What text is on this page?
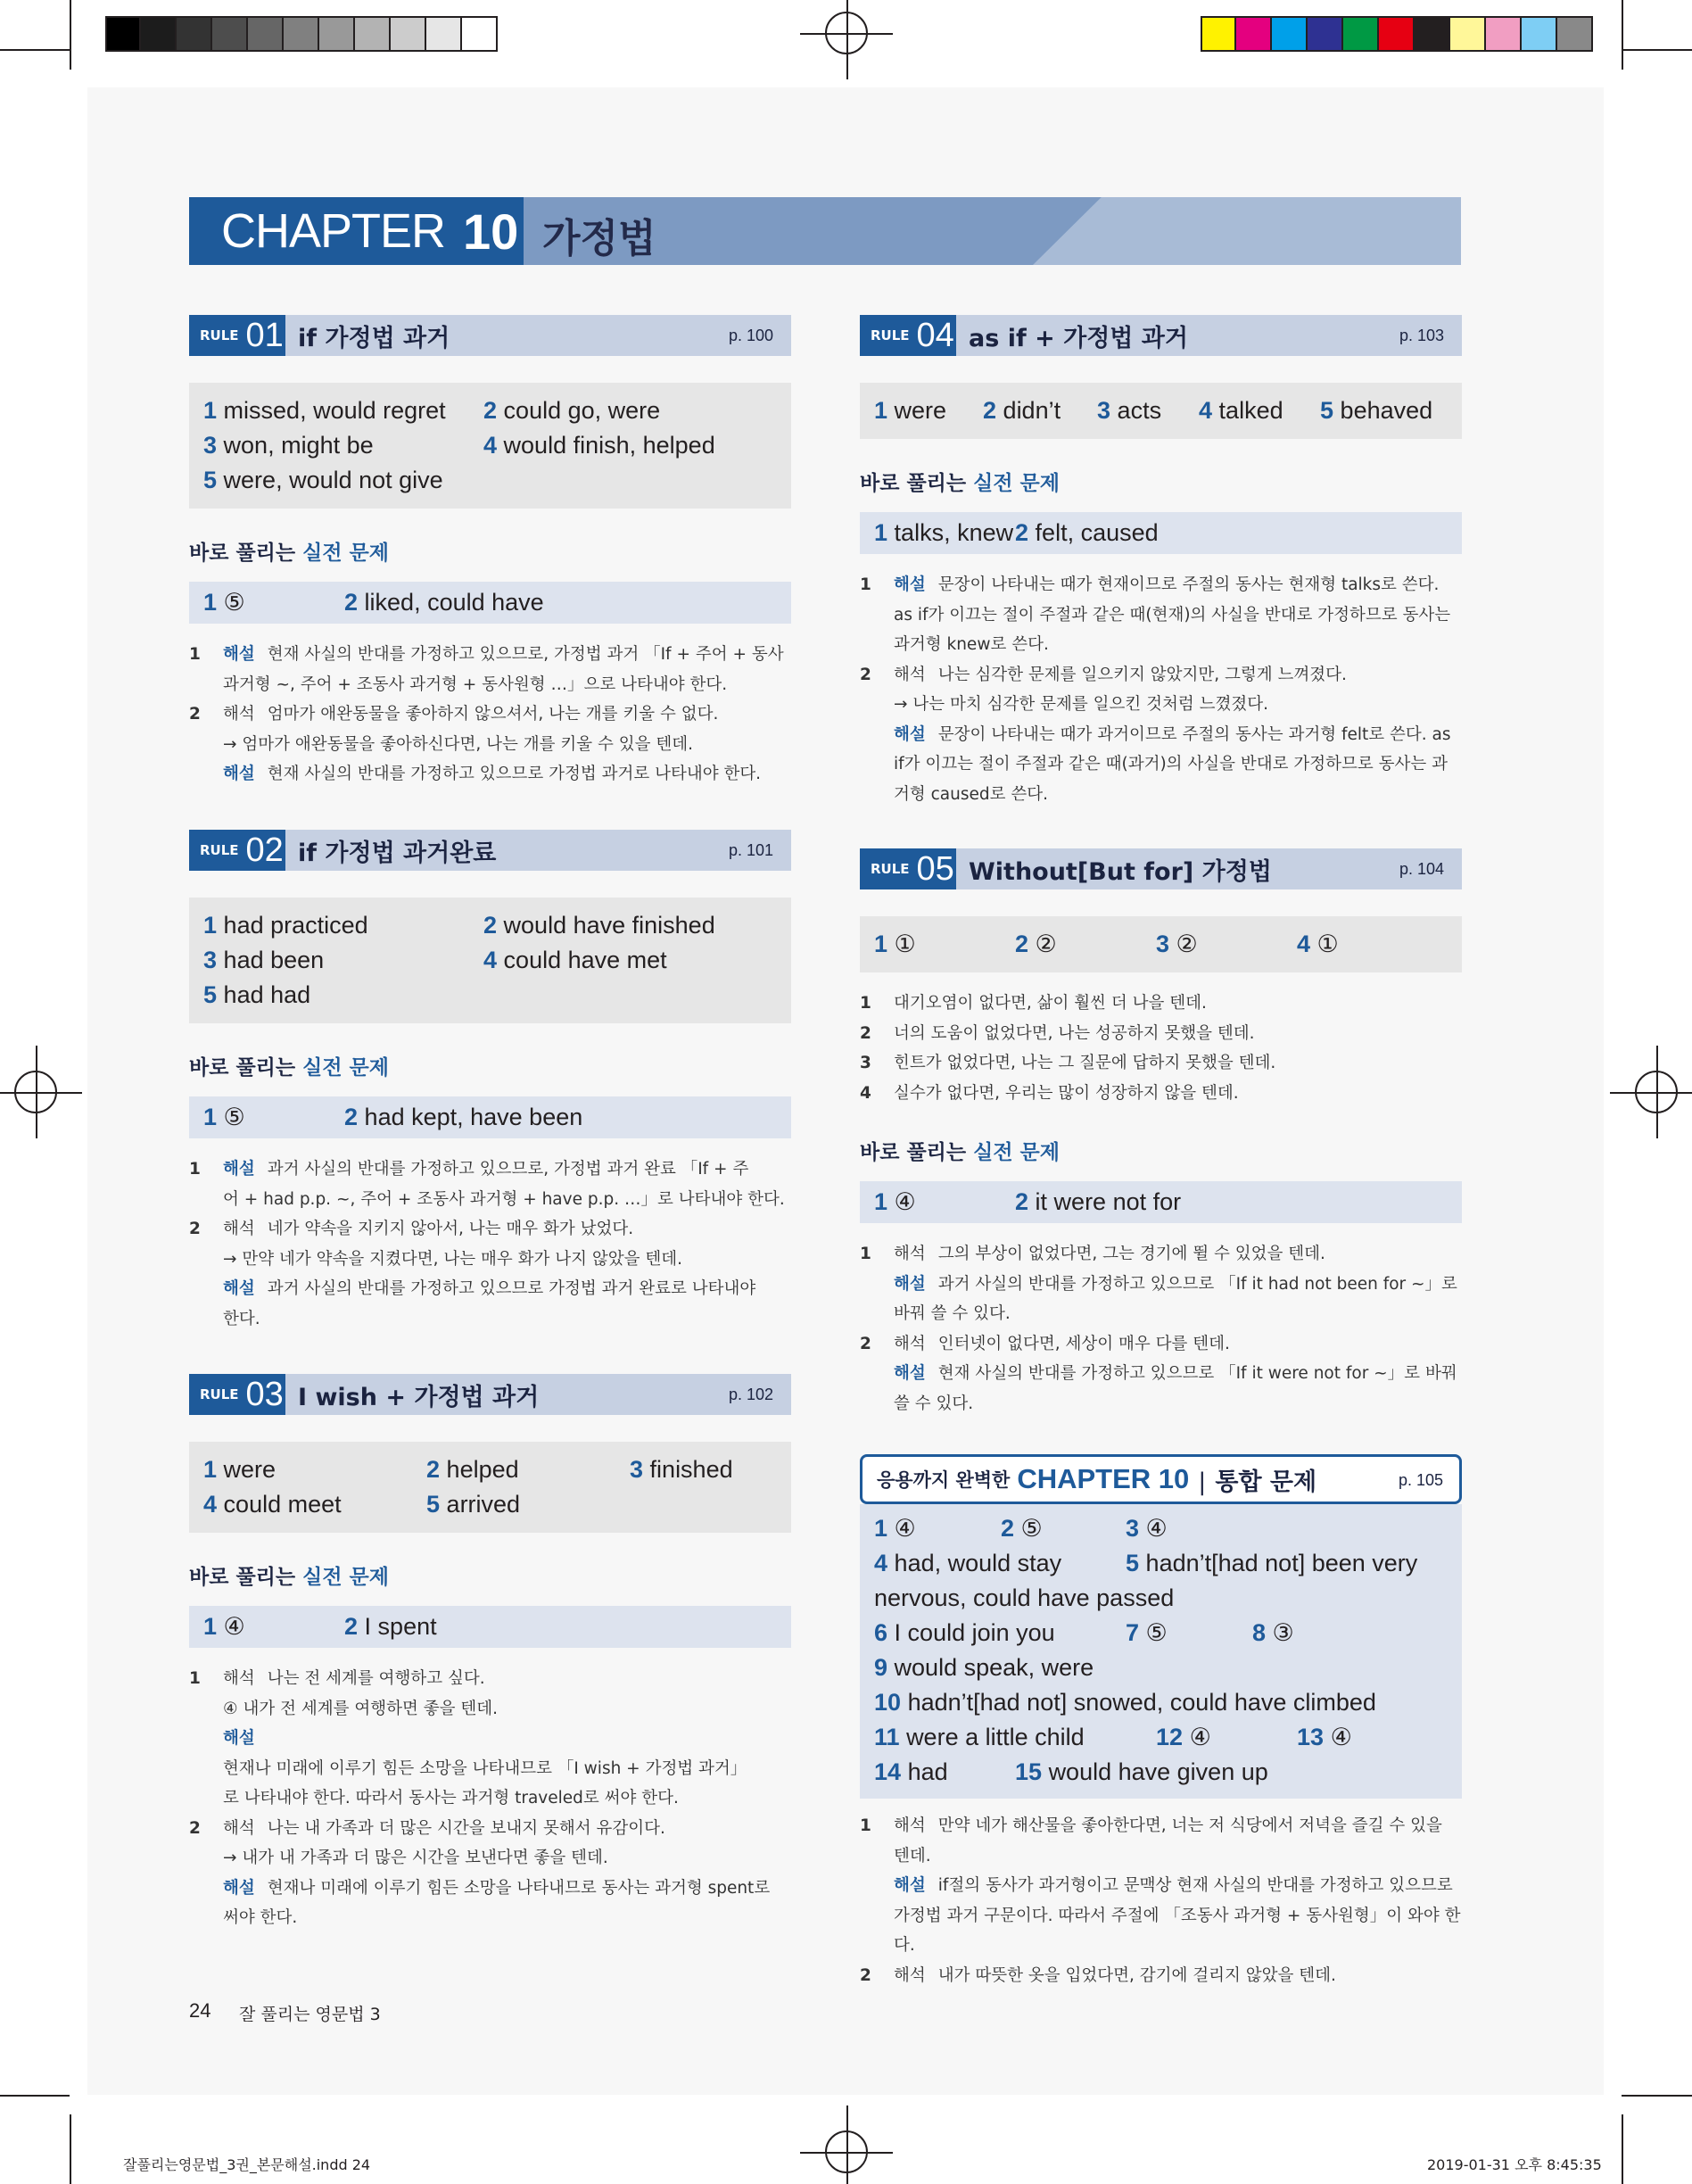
CHAPTER 10 가정법
RULE 01 if 가정법 과거	p. 100
1 missed, would regret 2 could go, were
3 won, might be	4 would finish, helped
5 were, would not give
바로 풀리는 실전 문제
1 ⑤	2 liked, could have
1 해설 현재 사실의 반대를 가정하고 있으므로, 가정법 과거 「If + 주어 + 동사
과거형 ~, 주어 + 조동사 과거형 + 동사원형 …」으로 나타내야 한다.
2 해석 엄마가 애완동물을 좋아하지 않으셔서, 나는 개를 키울 수 없다.
→ 엄마가 애완동물을 좋아하신다면, 나는 개를 키울 수 있을 텐데.
해설 현재 사실의 반대를 가정하고 있으므로 가정법 과거로 나타내야 한다.
RULE 02 if 가정법 과거완료	p. 101
1 had practiced	2 would have finished
3 had been	4 could have met
5 had had
바로 풀리는 실전 문제
1 ⑤	2 had kept, have been
1 해설 과거 사실의 반대를 가정하고 있으므로, 가정법 과거 완료 「If + 주
어 + had p.p. ~, 주어 + 조동사 과거형 + have p.p. …」로 나타내야 한다.
2 해석 네가 약속을 지키지 않아서, 나는 매우 화가 났었다.
→ 만약 네가 약속을 지켰다면, 나는 매우 화가 나지 않았을 텐데.
해설 과거 사실의 반대를 가정하고 있으므로 가정법 과거 완료로 나타내야
한다.
RULE 03 I wish + 가정법 과거	p. 102
1 were	2 helped	3 finished
4 could meet	5 arrived
바로 풀리는 실전 문제
1 ④	2 I spent
1 해석 나는 전 세계를 여행하고 싶다.
④ 내가 전 세계를 여행하면 좋을 텐데.
해설현재나 미래에 이루기 힘든 소망을 나타내므로 「I wish + 가정법 과거」
로 나타내야 한다. 따라서 동사는 과거형 traveled로 써야 한다.
2 해석 나는 내 가족과 더 많은 시간을 보내지 못해서 유감이다.
→ 내가 내 가족과 더 많은 시간을 보낸다면 좋을 텐데.
해설 현재나 미래에 이루기 힘든 소망을 나타내므로 동사는 과거형 spent로
써야 한다.
RULE 04 as if + 가정법 과거	p. 103
1 were 2 didn’t 3 acts 4 talked 5 behaved
바로 풀리는 실전 문제
1 talks, knew 2 felt, caused
1 해설 문장이 나타내는 때가 현재이므로 주절의 동사는 현재형 talks로 쓴다.
as if가 이끄는 절이 주절과 같은 때(현재)의 사실을 반대로 가정하므로 동사는
과거형 knew로 쓴다.
2 해석 나는 심각한 문제를 일으키지 않았지만, 그렇게 느껴졌다.
→ 나는 마치 심각한 문제를 일으킨 것처럼 느꼈졌다.
해설 문장이 나타내는 때가 과거이므로 주절의 동사는 과거형 felt로 쓴다. as
if가 이끄는 절이 주절과 같은 때(과거)의 사실을 반대로 가정하므로 동사는 과
거형 caused로 쓴다.
RULE 05 Without[But for] 가정법	p. 104
1 ①	2 ②	3 ②	4 ①
1 대기오염이 없다면, 삶이 훨씬 더 나을 텐데.
2 너의 도움이 없었다면, 나는 성공하지 못했을 텐데.
3 힌트가 없었다면, 나는 그 질문에 답하지 못했을 텐데.
4 실수가 없다면, 우리는 많이 성장하지 않을 텐데.
바로 풀리는 실전 문제
1 ④	2 it were not for
1 해석 그의 부상이 없었다면, 그는 경기에 뛸 수 있었을 텐데.
해설 과거 사실의 반대를 가정하고 있으므로 「If it had not been for ~」로
바꿔 쓸 수 있다.
2 해석 인터넷이 없다면, 세상이 매우 다를 텐데.
해설 현재 사실의 반대를 가정하고 있으므로 「If it were not for ~」로 바꿔
쓸 수 있다.
응용까지 완벽한 CHAPTER 10
|	통합 문제	p. 105
1 ④	2 ⑤	3 ④
4 had, would stay	5 hadn’t[had not] been very
nervous, could have passed
6 I could join you	7 ⑤	8 ③
9 would speak, were
10 hadn’t[had not] snowed, could have climbed
11 were a little child	12 ④	13 ④
14 had	15 would have given up
1 해석 만약 네가 해산물을 좋아한다면, 너는 저 식당에서 저녁을 즐길 수 있을
텐데.
해설 if절의 동사가 과거형이고 문맥상 현재 사실의 반대를 가정하고 있으므로
가정법 과거 구문이다. 따라서 주절에 「조동사 과거형 + 동사원형」이 와야 한다.
2 해석 내가 따뜻한 옷을 입었다면, 감기에 걸리지 않았을 텐데.
24 잘 풀리는 영문법 3
잘풀리는영문법_3권_본문해설.indd 24	2019-01-31 오후 8:45:35
